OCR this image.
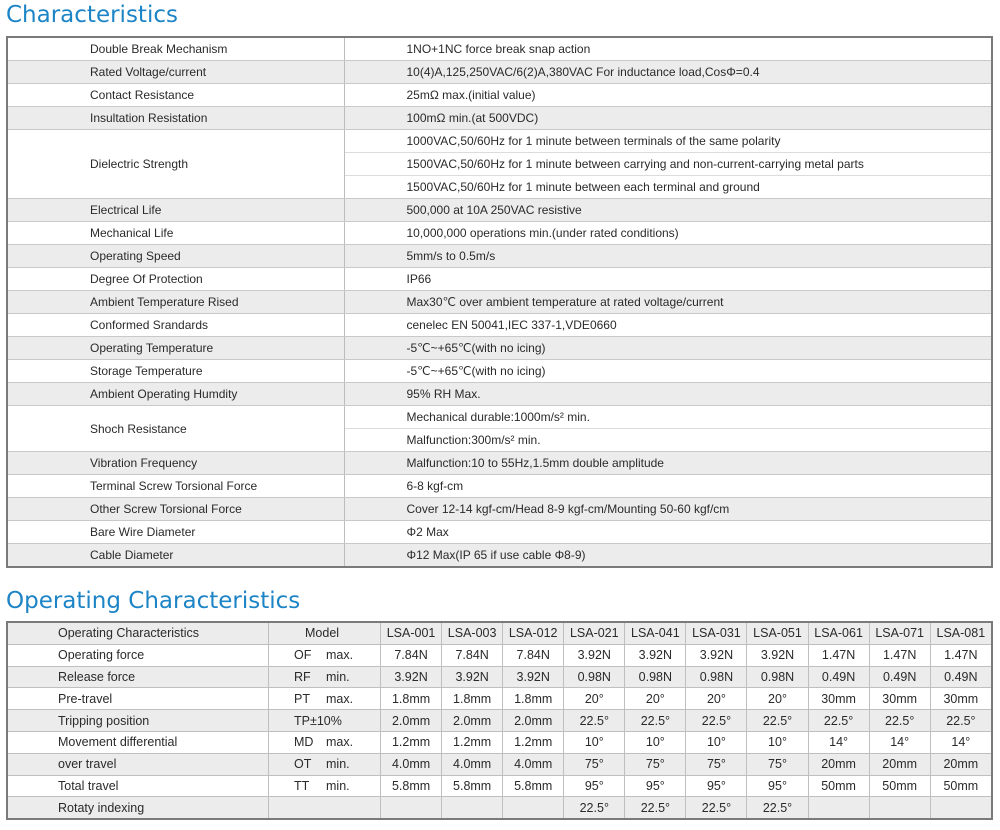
Characteristics
Double Break Mechanism	1NO+1NC force break snap action
Rated Voltage/current	10(4)A,125,250VAC/6(2)A,380VAC For inductance load,CosΦ=0.4
Contact Resistance	25mΩ max.(initial value)
Insultation Resistation	100mΩ min.(at 500VDC)
Dielectric Strength	1000VAC,50/60Hz for 1 minute between terminals of the same polarity
	1500VAC,50/60Hz for 1 minute between carrying and non-current-carrying metal parts
	1500VAC,50/60Hz for 1 minute between each terminal and ground
Electrical Life	500,000 at 10A 250VAC resistive
Mechanical Life	10,000,000 operations min.(under rated conditions)
Operating Speed	5mm/s to 0.5m/s
Degree Of Protection	IP66
Ambient Temperature Rised	Max30℃ over ambient temperature at rated voltage/current
Conformed Srandards	cenelec EN 50041,IEC 337-1,VDE0660
Operating Temperature	-5℃~+65℃(with no icing)
Storage Temperature	-5℃~+65℃(with no icing)
Ambient Operating Humdity	95% RH Max.
Shoch Resistance	Mechanical durable:1000m/s² min.
	Malfunction:300m/s² min.
Vibration Frequency	Malfunction:10 to 55Hz,1.5mm double amplitude
Terminal Screw Torsional Force	6-8 kgf-cm
Other Screw Torsional Force	Cover 12-14 kgf-cm/Head 8-9 kgf-cm/Mounting 50-60 kgf/cm
Bare Wire Diameter	Φ2 Max
Cable Diameter	Φ12 Max(IP 65 if use cable Φ8-9)
Operating Characteristics
Operating Characteristics	Model	LSA-001	LSA-003	LSA-012	LSA-021	LSA-041	LSA-031	LSA-051	LSA-061	LSA-071	LSA-081
Operating force	OF max.	7.84N	7.84N	7.84N	3.92N	3.92N	3.92N	3.92N	1.47N	1.47N	1.47N
Release force	RF min.	3.92N	3.92N	3.92N	0.98N	0.98N	0.98N	0.98N	0.49N	0.49N	0.49N
Pre-travel	PT max.	1.8mm	1.8mm	1.8mm	20°	20°	20°	20°	30mm	30mm	30mm
Tripping position	TP±10%	2.0mm	2.0mm	2.0mm	22.5°	22.5°	22.5°	22.5°	22.5°	22.5°	22.5°
Movement differential	MD max.	1.2mm	1.2mm	1.2mm	10°	10°	10°	10°	14°	14°	14°
over travel	OT min.	4.0mm	4.0mm	4.0mm	75°	75°	75°	75°	20mm	20mm	20mm
Total travel	TT min.	5.8mm	5.8mm	5.8mm	95°	95°	95°	95°	50mm	50mm	50mm
Rotaty indexing					22.5°	22.5°	22.5°	22.5°			
